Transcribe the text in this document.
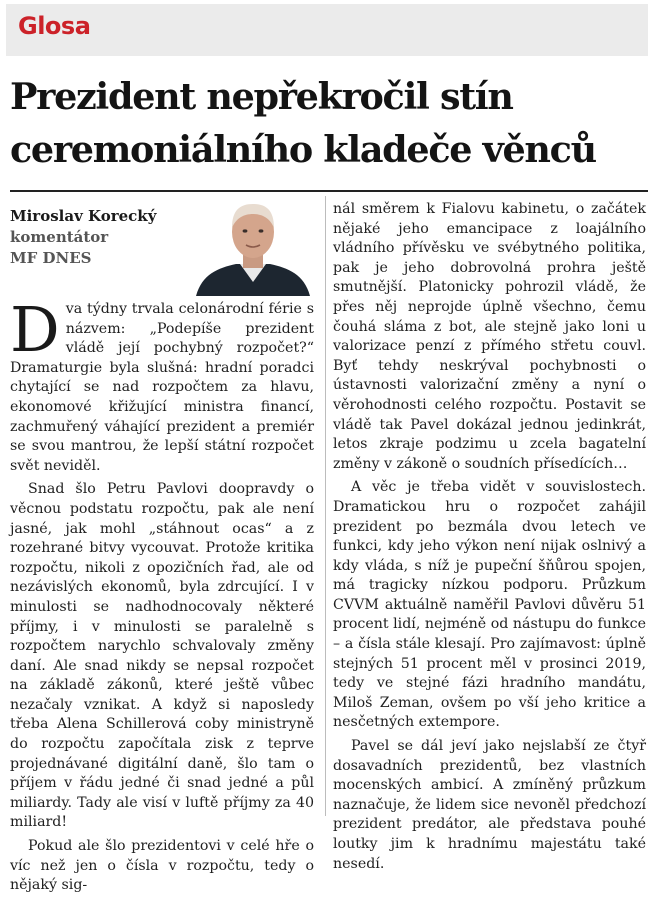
Glosa
Prezident nepřekročil stín ceremoniálního kladeče věnců
Miroslav Korecký
komentátor
MF DNES

Dva týdny trvala celonárodní férie s názvem: „Podepíše prezident vládě její pochybný rozpočet?“ Dramaturgie byla slušná: hradní poradci chytající se nad rozpočtem za hlavu, ekonomové křižující ministra financí, zachmuřený váhající prezident a premiér se svou mantrou, že lepší státní rozpočet svět neviděl.

Snad šlo Petru Pavlovi doopravdy o věcnou podstatu rozpočtu, pak ale není jasné, jak mohl „stáhnout ocas“ a z rozehrané bitvy vycouvat. Protože kritika rozpočtu, nikoli z opozičních řad, ale od nezávislých ekonomů, byla zdrcující. I v minulosti se nadhodnocovaly některé příjmy, i v minulosti se paralelně s rozpočtem narychlo schvalovaly změny daní. Ale snad nikdy se nepsal rozpočet na základě zákonů, které ještě vůbec nezačaly vznikat. A když si naposledy třeba Alena Schillerová coby ministryně do rozpočtu započítala zisk z teprve projednávané digitální daně, šlo tam o příjem v řádu jedné či snad jedné a půl miliardy. Tady ale visí v luftě příjmy za 40 miliard!

Pokud ale šlo prezidentovi v celé hře o víc než jen o čísla v rozpočtu, tedy o nějaký sig-

nál směrem k Fialovu kabinetu, o začátek nějaké jeho emancipace z loajálního vládního přívěsku ve svébytného politika, pak je jeho dobrovolná prohra ještě smutnější. Platonicky pohrozil vládě, že přes něj neprojde úplně všechno, čemu čouhá sláma z bot, ale stejně jako loni u valorizace penzí z přímého střetu couvl. Byť tehdy neskrýval pochybnosti o ústavnosti valorizační změny a nyní o věrohodnosti celého rozpočtu. Postavit se vládě tak Pavel dokázal jednou jedinkrát, letos zkraje podzimu u zcela bagatelní změny v zákoně o soudních přísedících…

A věc je třeba vidět v souvislostech. Dramatickou hru o rozpočet zahájil prezident po bezmála dvou letech ve funkci, kdy jeho výkon není nijak oslnivý a kdy vláda, s níž je pupeční šňůrou spojen, má tragicky nízkou podporu. Průzkum CVVM aktuálně naměřil Pavlovi důvěru 51 procent lidí, nejméně od nástupu do funkce – a čísla stále klesají. Pro zajímavost: úplně stejných 51 procent měl v prosinci 2019, tedy ve stejné fázi hradního mandátu, Miloš Zeman, ovšem po vší jeho kritice a nesčetných extempore.

Pavel se dál jeví jako nejslabší ze čtyř dosavadních prezidentů, bez vlastních mocenských ambicí. A zmíněný průzkum naznačuje, že lidem sice nevoněl předchozí prezident predátor, ale představa pouhé loutky jim k hradnímu majestátu také nesedí.
